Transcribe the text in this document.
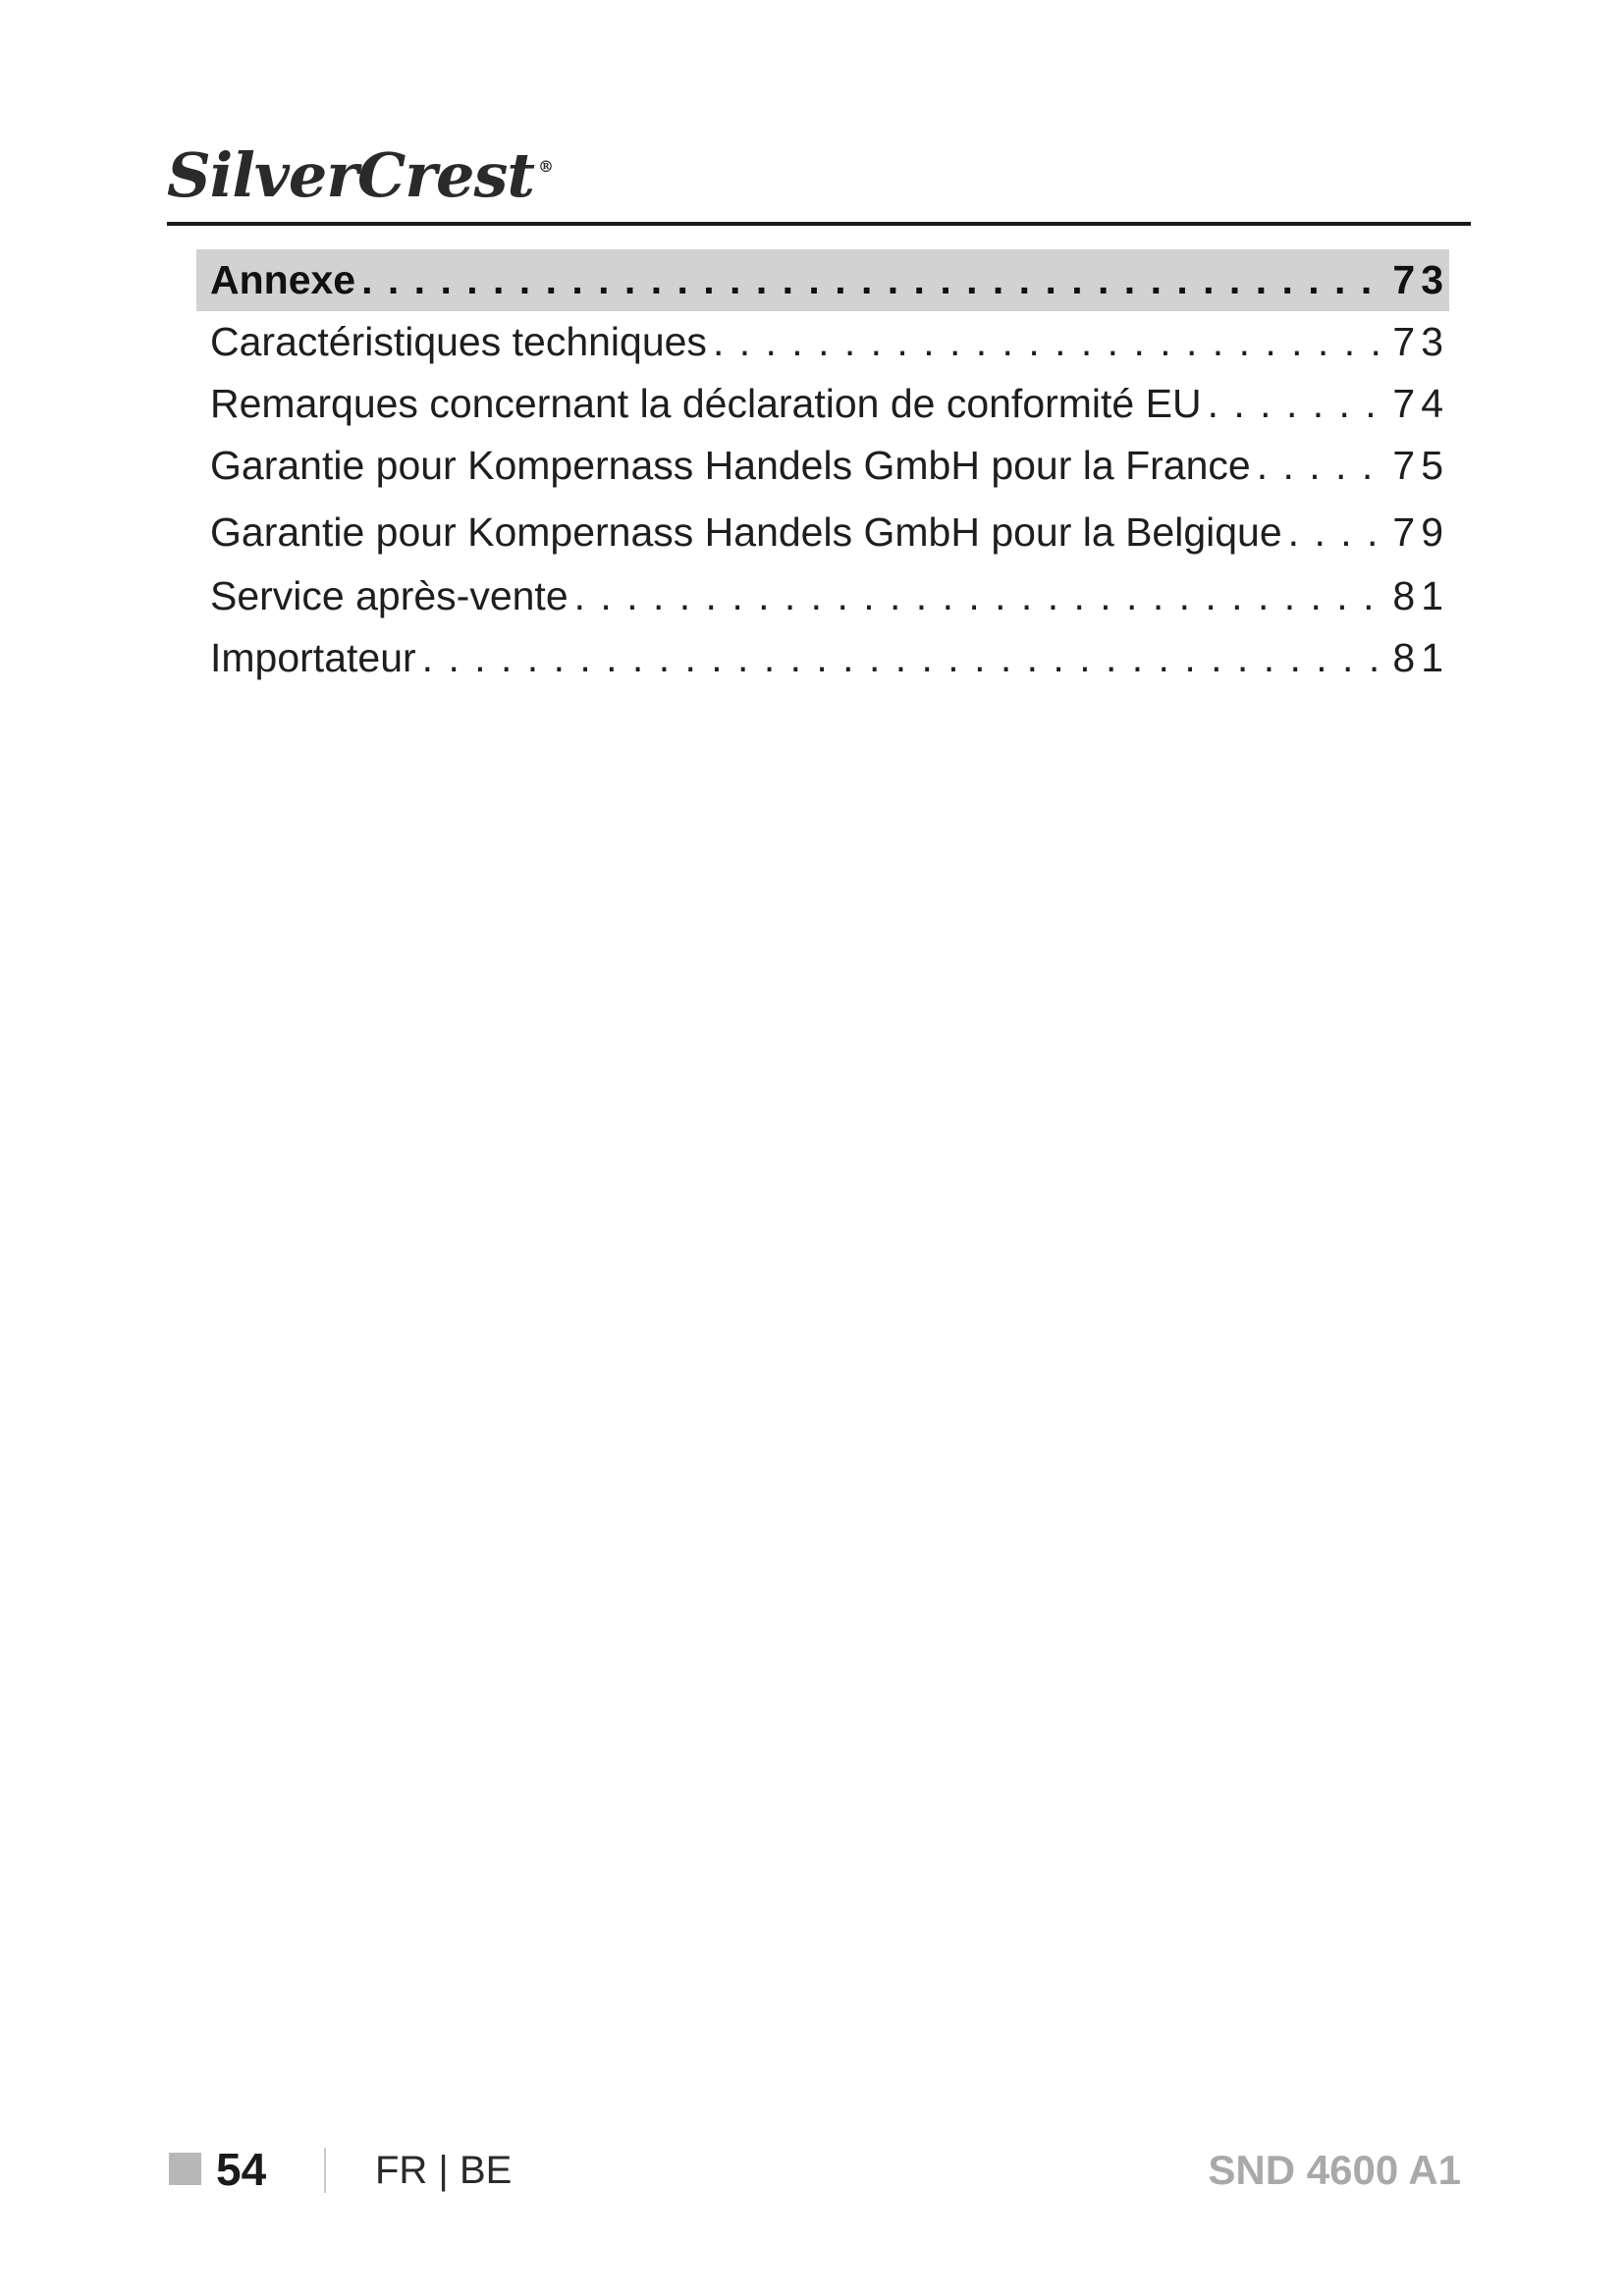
SilverCrest ®
Annexe . . .	73
Caractéristiques techniques . . .	73
Remarques concernant la déclaration de conformité EU . . .	74
Garantie pour Kompernass Handels GmbH pour la France . . .	75
Garantie pour Kompernass Handels GmbH pour la Belgique . . .	79
Service après-vente . . .	81
Importateur . . .	81
54	FR | BE	SND 4600 A1
